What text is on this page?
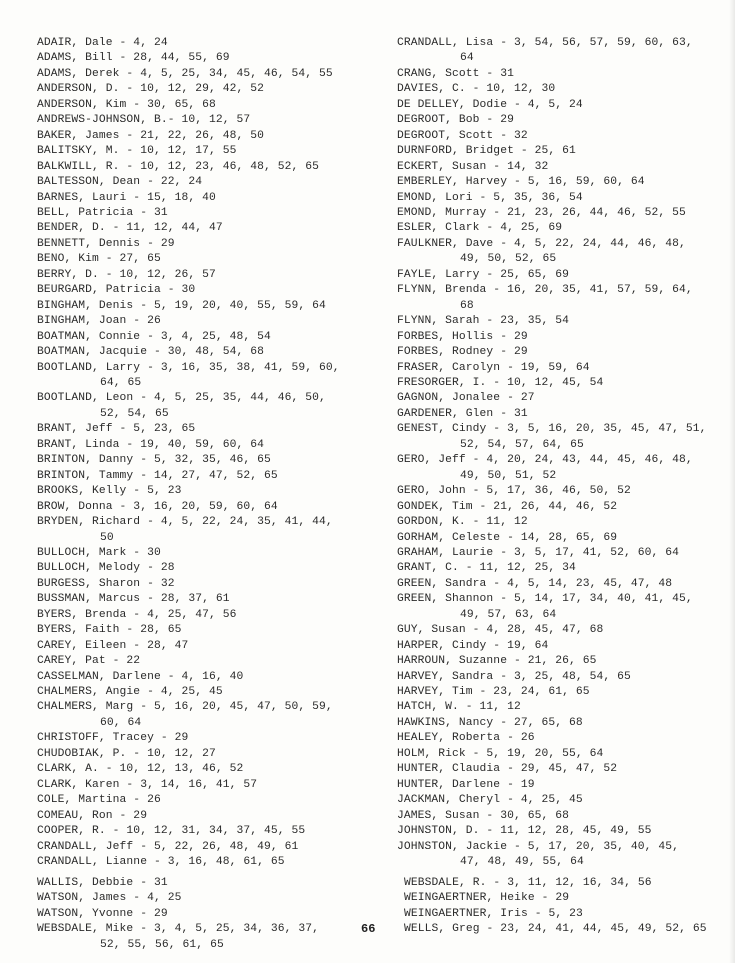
ADAIR, Dale - 4, 24
ADAMS, Bill - 28, 44, 55, 69
ADAMS, Derek - 4, 5, 25, 34, 45, 46, 54, 55
ANDERSON, D. - 10, 12, 29, 42, 52
ANDERSON, Kim - 30, 65, 68
ANDREWS-JOHNSON, B.- 10, 12, 57
BAKER, James - 21, 22, 26, 48, 50
BALITSKY, M. - 10, 12, 17, 55
BALKWILL, R. - 10, 12, 23, 46, 48, 52, 65
BALTESSON, Dean - 22, 24
BARNES, Lauri - 15, 18, 40
BELL, Patricia - 31
BENDER, D. - 11, 12, 44, 47
BENNETT, Dennis - 29
BENO, Kim - 27, 65
BERRY, D. - 10, 12, 26, 57
BEURGARD, Patricia - 30
BINGHAM, Denis - 5, 19, 20, 40, 55, 59, 64
BINGHAM, Joan - 26
BOATMAN, Connie - 3, 4, 25, 48, 54
BOATMAN, Jacquie - 30, 48, 54, 68
BOOTLAND, Larry - 3, 16, 35, 38, 41, 59, 60,
64, 65
BOOTLAND, Leon - 4, 5, 25, 35, 44, 46, 50,
52, 54, 65
BRANT, Jeff - 5, 23, 65
BRANT, Linda - 19, 40, 59, 60, 64
BRINTON, Danny - 5, 32, 35, 46, 65
BRINTON, Tammy - 14, 27, 47, 52, 65
BROOKS, Kelly - 5, 23
BROW, Donna - 3, 16, 20, 59, 60, 64
BRYDEN, Richard - 4, 5, 22, 24, 35, 41, 44,
50
BULLOCH, Mark - 30
BULLOCH, Melody - 28
BURGESS, Sharon - 32
BUSSMAN, Marcus - 28, 37, 61
BYERS, Brenda - 4, 25, 47, 56
BYERS, Faith - 28, 65
CAREY, Eileen - 28, 47
CAREY, Pat - 22
CASSELMAN, Darlene - 4, 16, 40
CHALMERS, Angie - 4, 25, 45
CHALMERS, Marg - 5, 16, 20, 45, 47, 50, 59,
60, 64
CHRISTOFF, Tracey - 29
CHUDOBIAK, P. - 10, 12, 27
CLARK, A. - 10, 12, 13, 46, 52
CLARK, Karen - 3, 14, 16, 41, 57
COLE, Martina - 26
COMEAU, Ron - 29
COOPER, R. - 10, 12, 31, 34, 37, 45, 55
CRANDALL, Jeff - 5, 22, 26, 48, 49, 61
CRANDALL, Lianne - 3, 16, 48, 61, 65
CRANDALL, Lisa - 3, 54, 56, 57, 59, 60, 63,
64
CRANG, Scott - 31
DAVIES, C. - 10, 12, 30
DE DELLEY, Dodie - 4, 5, 24
DEGROOT, Bob - 29
DEGROOT, Scott - 32
DURNFORD, Bridget - 25, 61
ECKERT, Susan - 14, 32
EMBERLEY, Harvey - 5, 16, 59, 60, 64
EMOND, Lori - 5, 35, 36, 54
EMOND, Murray - 21, 23, 26, 44, 46, 52, 55
ESLER, Clark - 4, 25, 69
FAULKNER, Dave - 4, 5, 22, 24, 44, 46, 48,
49, 50, 52, 65
FAYLE, Larry - 25, 65, 69
FLYNN, Brenda - 16, 20, 35, 41, 57, 59, 64,
68
FLYNN, Sarah - 23, 35, 54
FORBES, Hollis - 29
FORBES, Rodney - 29
FRASER, Carolyn - 19, 59, 64
FRESORGER, I. - 10, 12, 45, 54
GAGNON, Jonalee - 27
GARDENER, Glen - 31
GENEST, Cindy - 3, 5, 16, 20, 35, 45, 47, 51,
52, 54, 57, 64, 65
GERO, Jeff - 4, 20, 24, 43, 44, 45, 46, 48,
49, 50, 51, 52
GERO, John - 5, 17, 36, 46, 50, 52
GONDEK, Tim - 21, 26, 44, 46, 52
GORDON, K. - 11, 12
GORHAM, Celeste - 14, 28, 65, 69
GRAHAM, Laurie - 3, 5, 17, 41, 52, 60, 64
GRANT, C. - 11, 12, 25, 34
GREEN, Sandra - 4, 5, 14, 23, 45, 47, 48
GREEN, Shannon - 5, 14, 17, 34, 40, 41, 45,
49, 57, 63, 64
GUY, Susan - 4, 28, 45, 47, 68
HARPER, Cindy - 19, 64
HARROUN, Suzanne - 21, 26, 65
HARVEY, Sandra - 3, 25, 48, 54, 65
HARVEY, Tim - 23, 24, 61, 65
HATCH, W. - 11, 12
HAWKINS, Nancy - 27, 65, 68
HEALEY, Roberta - 26
HOLM, Rick - 5, 19, 20, 55, 64
HUNTER, Claudia - 29, 45, 47, 52
HUNTER, Darlene - 19
JACKMAN, Cheryl - 4, 25, 45
JAMES, Susan - 30, 65, 68
JOHNSTON, D. - 11, 12, 28, 45, 49, 55
JOHNSTON, Jackie - 5, 17, 20, 35, 40, 45,
47, 48, 49, 55, 64
WALLIS, Debbie - 31
WATSON, James - 4, 25
WATSON, Yvonne - 29
WEBSDALE, Mike - 3, 4, 5, 25, 34, 36, 37,
52, 55, 56, 61, 65
WEBSDALE, R. - 3, 11, 12, 16, 34, 56
WEINGAERTNER, Heike - 29
WEINGAERTNER, Iris - 5, 23
WELLS, Greg - 23, 24, 41, 44, 45, 49, 52, 65
66
